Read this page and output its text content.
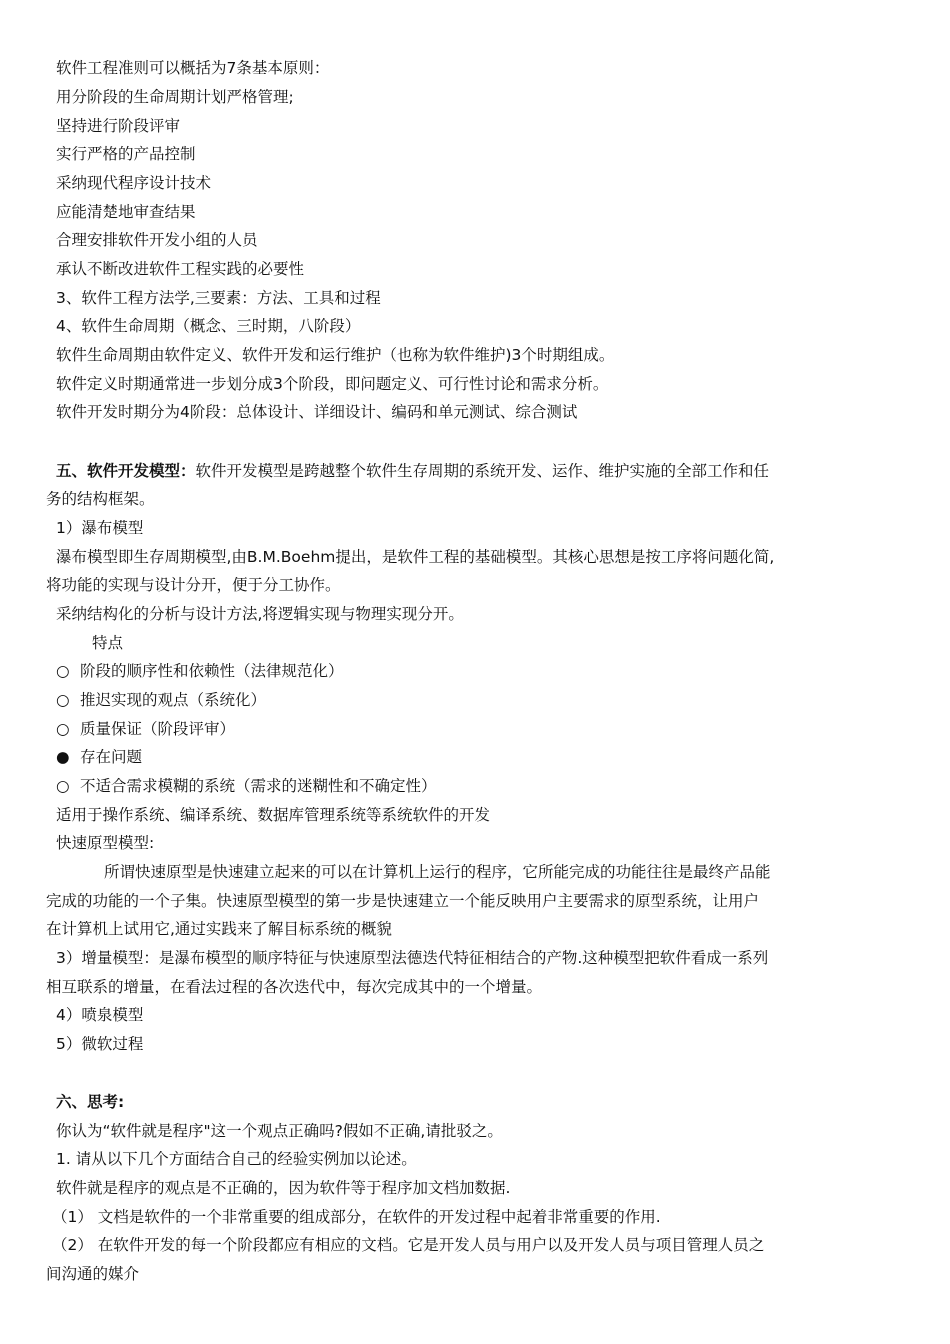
软件工程准则可以概括为7条基本原则：
用分阶段的生命周期计划严格管理;
坚持进行阶段评审
实行严格的产品控制
采纳现代程序设计技术
应能清楚地审查结果
合理安排软件开发小组的人员
承认不断改进软件工程实践的必要性
3、软件工程方法学,三要素：方法、工具和过程
4、软件生命周期（概念、三时期，八阶段）
软件生命周期由软件定义、软件开发和运行维护（也称为软件维护)3个时期组成。
软件定义时期通常进一步划分成3个阶段，即问题定义、可行性讨论和需求分析。
软件开发时期分为4阶段：总体设计、详细设计、编码和单元测试、综合测试
五、软件开发模型：软件开发模型是跨越整个软件生存周期的系统开发、运作、维护实施的全部工作和任
务的结构框架。
1）瀑布模型
瀑布模型即生存周期模型,由B.M.Boehm提出，是软件工程的基础模型。其核心思想是按工序将问题化简,
将功能的实现与设计分开，便于分工协作。
采纳结构化的分析与设计方法,将逻辑实现与物理实现分开。
特点
○ 阶段的顺序性和依赖性（法律规范化）
○ 推迟实现的观点（系统化）
○ 质量保证（阶段评审）
● 存在问题
○ 不适合需求模糊的系统（需求的迷糊性和不确定性）
适用于操作系统、编译系统、数据库管理系统等系统软件的开发
快速原型模型:
所谓快速原型是快速建立起来的可以在计算机上运行的程序，它所能完成的功能往往是最终产品能
完成的功能的一个子集。快速原型模型的第一步是快速建立一个能反映用户主要需求的原型系统，让用户
在计算机上试用它,通过实践来了解目标系统的概貌
3）增量模型：是瀑布模型的顺序特征与快速原型法德迭代特征相结合的产物.这种模型把软件看成一系列
相互联系的增量，在看法过程的各次迭代中，每次完成其中的一个增量。
4）喷泉模型
5）微软过程
六、思考:
你认为“软件就是程序"这一个观点正确吗?假如不正确,请批驳之。
1. 请从以下几个方面结合自己的经验实例加以论述。
软件就是程序的观点是不正确的，因为软件等于程序加文档加数据.
（1） 文档是软件的一个非常重要的组成部分，在软件的开发过程中起着非常重要的作用.
（2） 在软件开发的每一个阶段都应有相应的文档。它是开发人员与用户以及开发人员与项目管理人员之
间沟通的媒介
